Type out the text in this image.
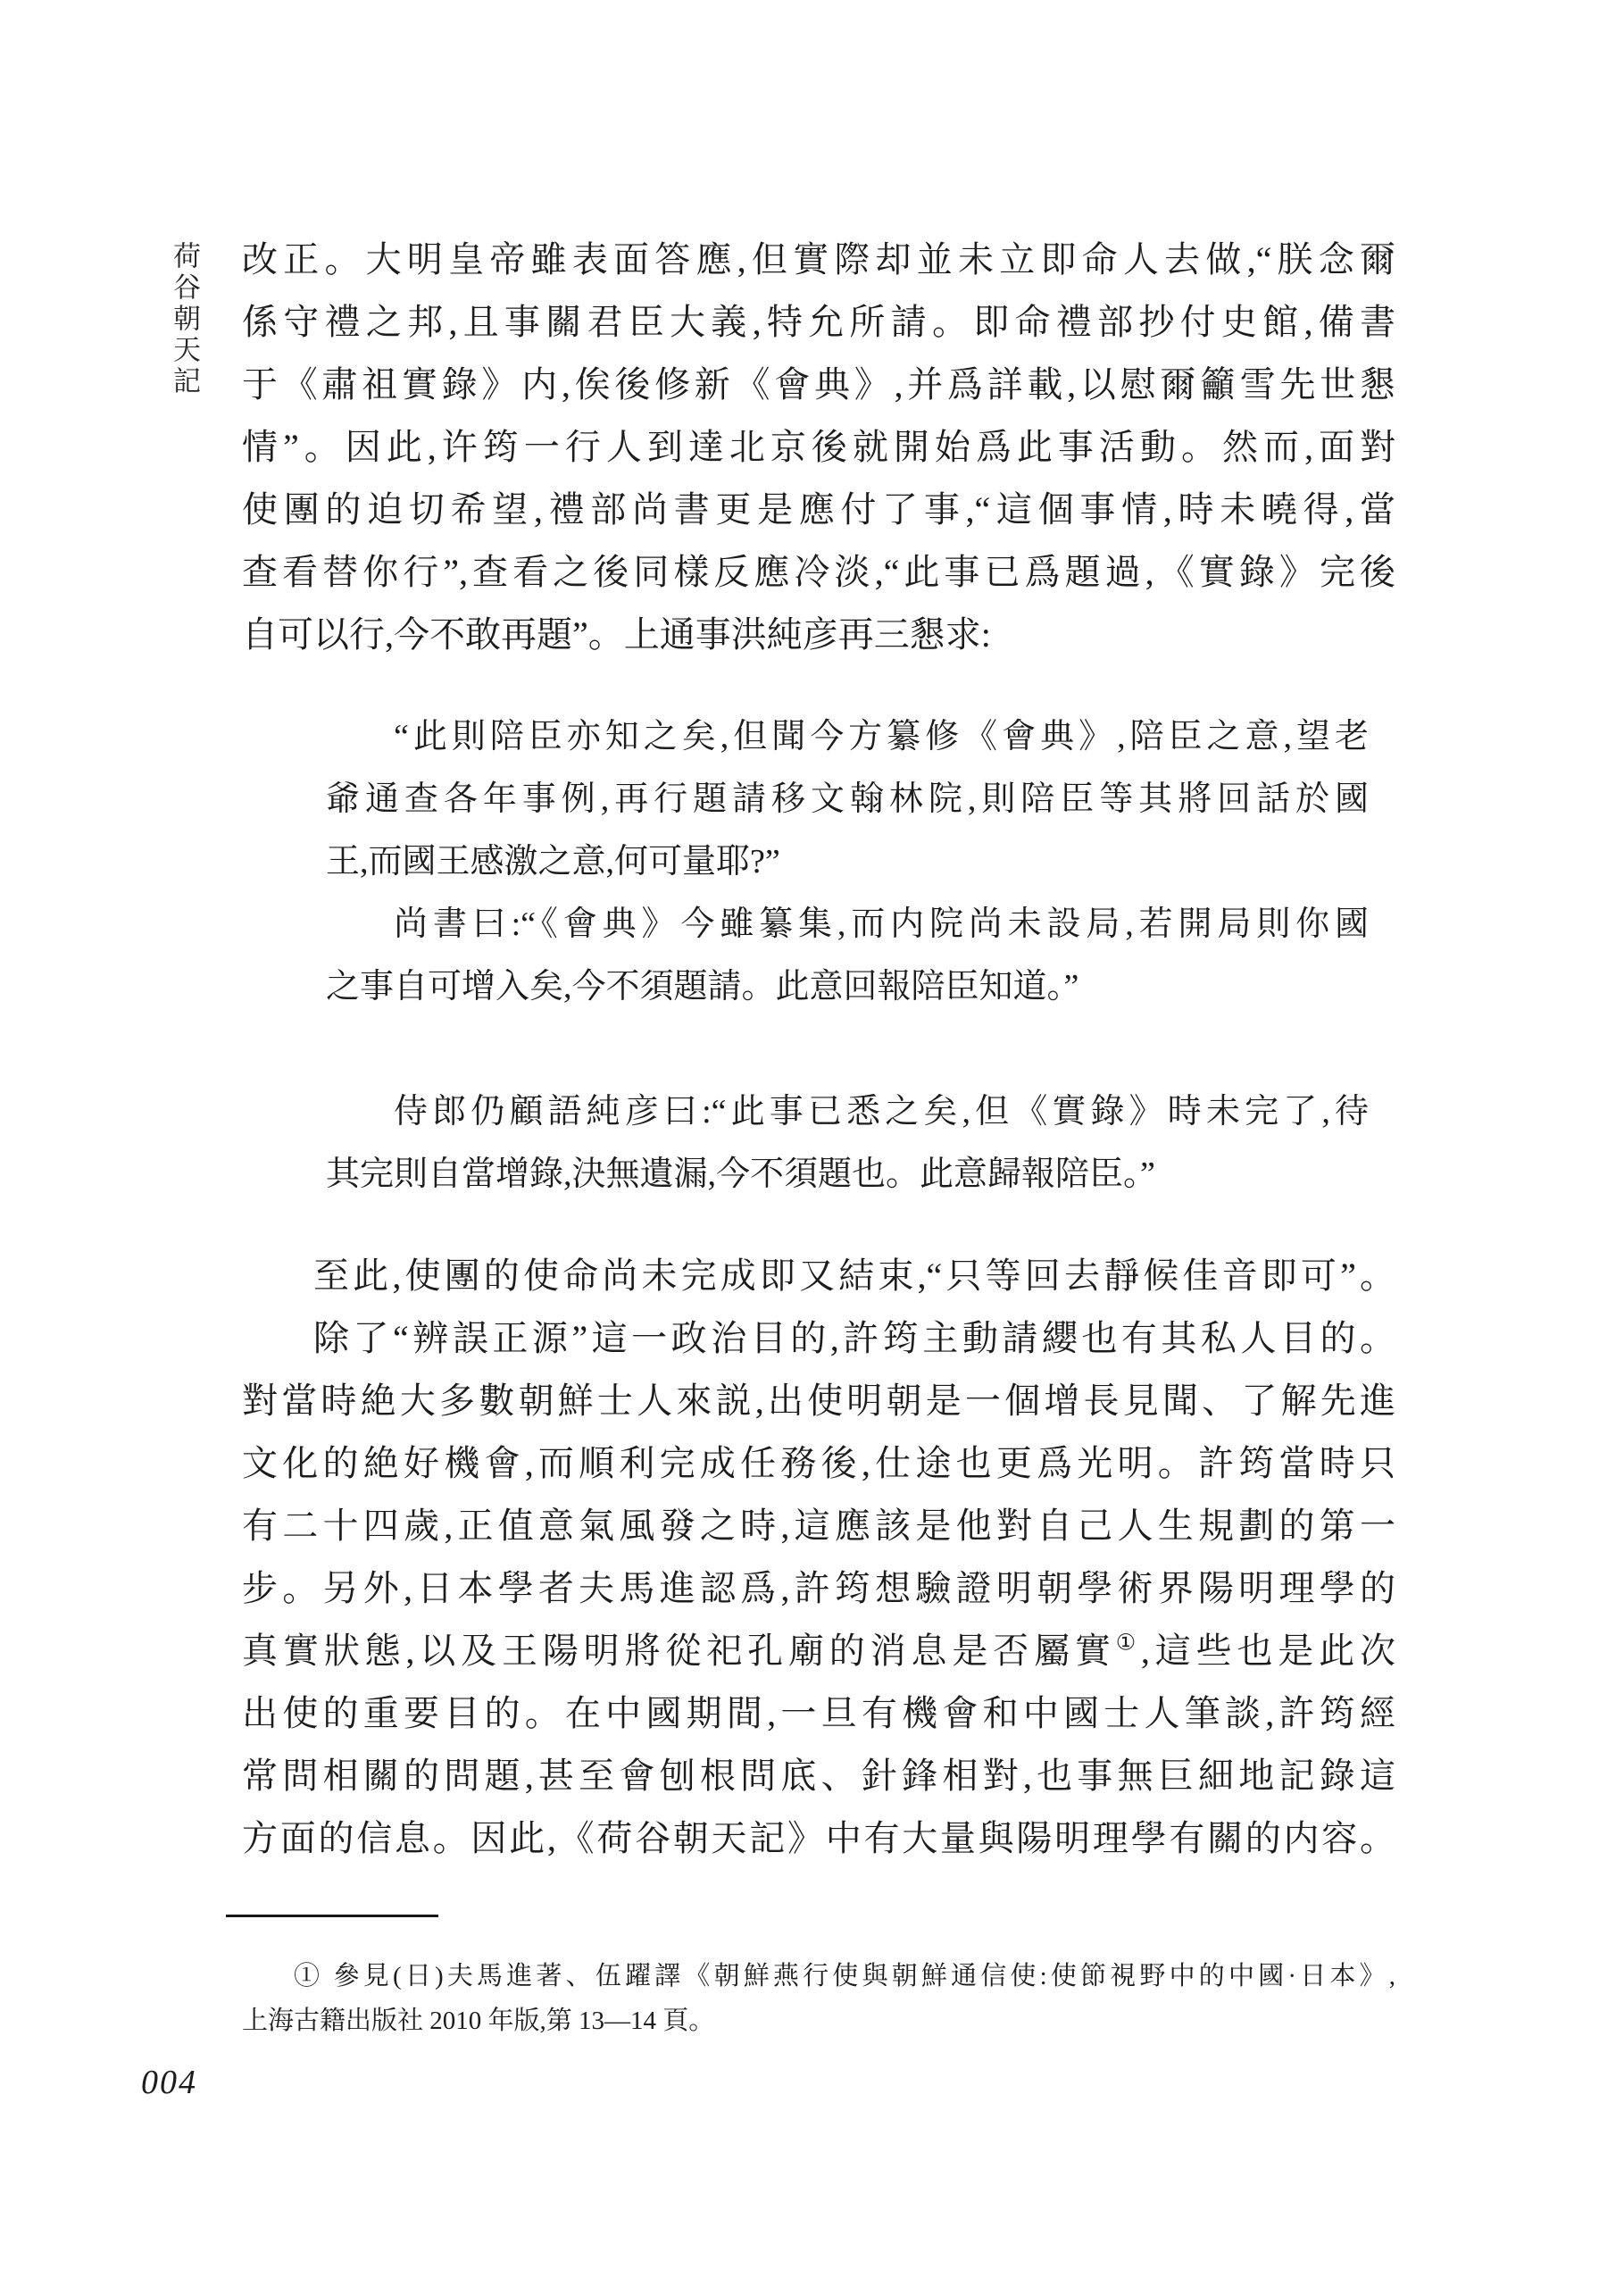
荷谷朝天記 改正。大明皇帝雖表面答應,但實際却並未立即命人去做,“朕念爾
係守禮之邦,且事關君臣大義,特允所請。即命禮部抄付史館,備書
于《肅祖實錄》内,俟後修新《會典》,并爲詳載,以慰爾籲雪先世懇
情”。因此,许筠一行人到達北京後就開始爲此事活動。然而,面對
使團的迫切希望,禮部尚書更是應付了事,“這個事情,時未曉得,當
查看替你行”,查看之後同樣反應冷淡,“此事已爲題過,《實錄》完後
自可以行,今不敢再題”。上通事洪純彦再三懇求:
“此則陪臣亦知之矣,但聞今方纂修《會典》,陪臣之意,望老
爺通查各年事例,再行題請移文翰林院,則陪臣等其將回話於國
王,而國王感激之意,何可量耶?”
尚書曰:“《會典》今雖纂集,而内院尚未設局,若開局則你國
之事自可增入矣,今不須題請。此意回報陪臣知道。”
侍郎仍顧語純彦曰:“此事已悉之矣,但《實錄》時未完了,待
其完則自當增錄,決無遺漏,今不須題也。此意歸報陪臣。”
至此,使團的使命尚未完成即又結束,“只等回去靜候佳音即可”。
除了“辨誤正源”這一政治目的,許筠主動請纓也有其私人目的。
對當時絶大多數朝鮮士人來説,出使明朝是一個增長見聞、了解先進
文化的絶好機會,而順利完成任務後,仕途也更爲光明。許筠當時只
有二十四歲,正值意氣風發之時,這應該是他對自己人生規劃的第一
步。另外,日本學者夫馬進認爲,許筠想驗證明朝學術界陽明理學的
真實狀態,以及王陽明將從祀孔廟的消息是否屬實①,這些也是此次
出使的重要目的。在中國期間,一旦有機會和中國士人筆談,許筠經
常問相關的問題,甚至會刨根問底、針鋒相對,也事無巨細地記錄這
方面的信息。因此,《荷谷朝天記》中有大量與陽明理學有關的内容。
① 參見(日)夫馬進著、伍躍譯《朝鮮燕行使與朝鮮通信使:使節視野中的中國·日本》,
上海古籍出版社 2010 年版,第 13—14 頁。
004
